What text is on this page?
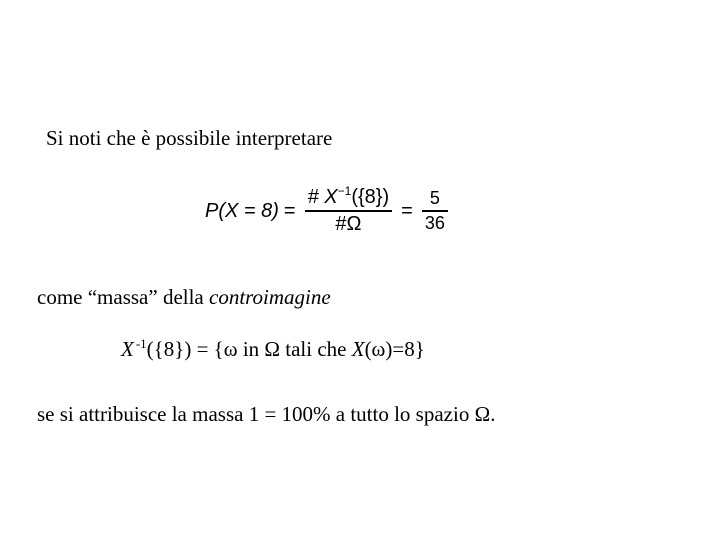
Si noti che è possibile interpretare
$P(X = 8) = \frac{\# X^{-1}(\{8\})}{\#\Omega} = \frac{5}{36}$
come “massa” della controimagine
X $^{-1}$({8}) = {ω in Ω tali che X(ω)=8}
se si attribuisce la massa 1 = 100% a tutto lo spazio Ω.
